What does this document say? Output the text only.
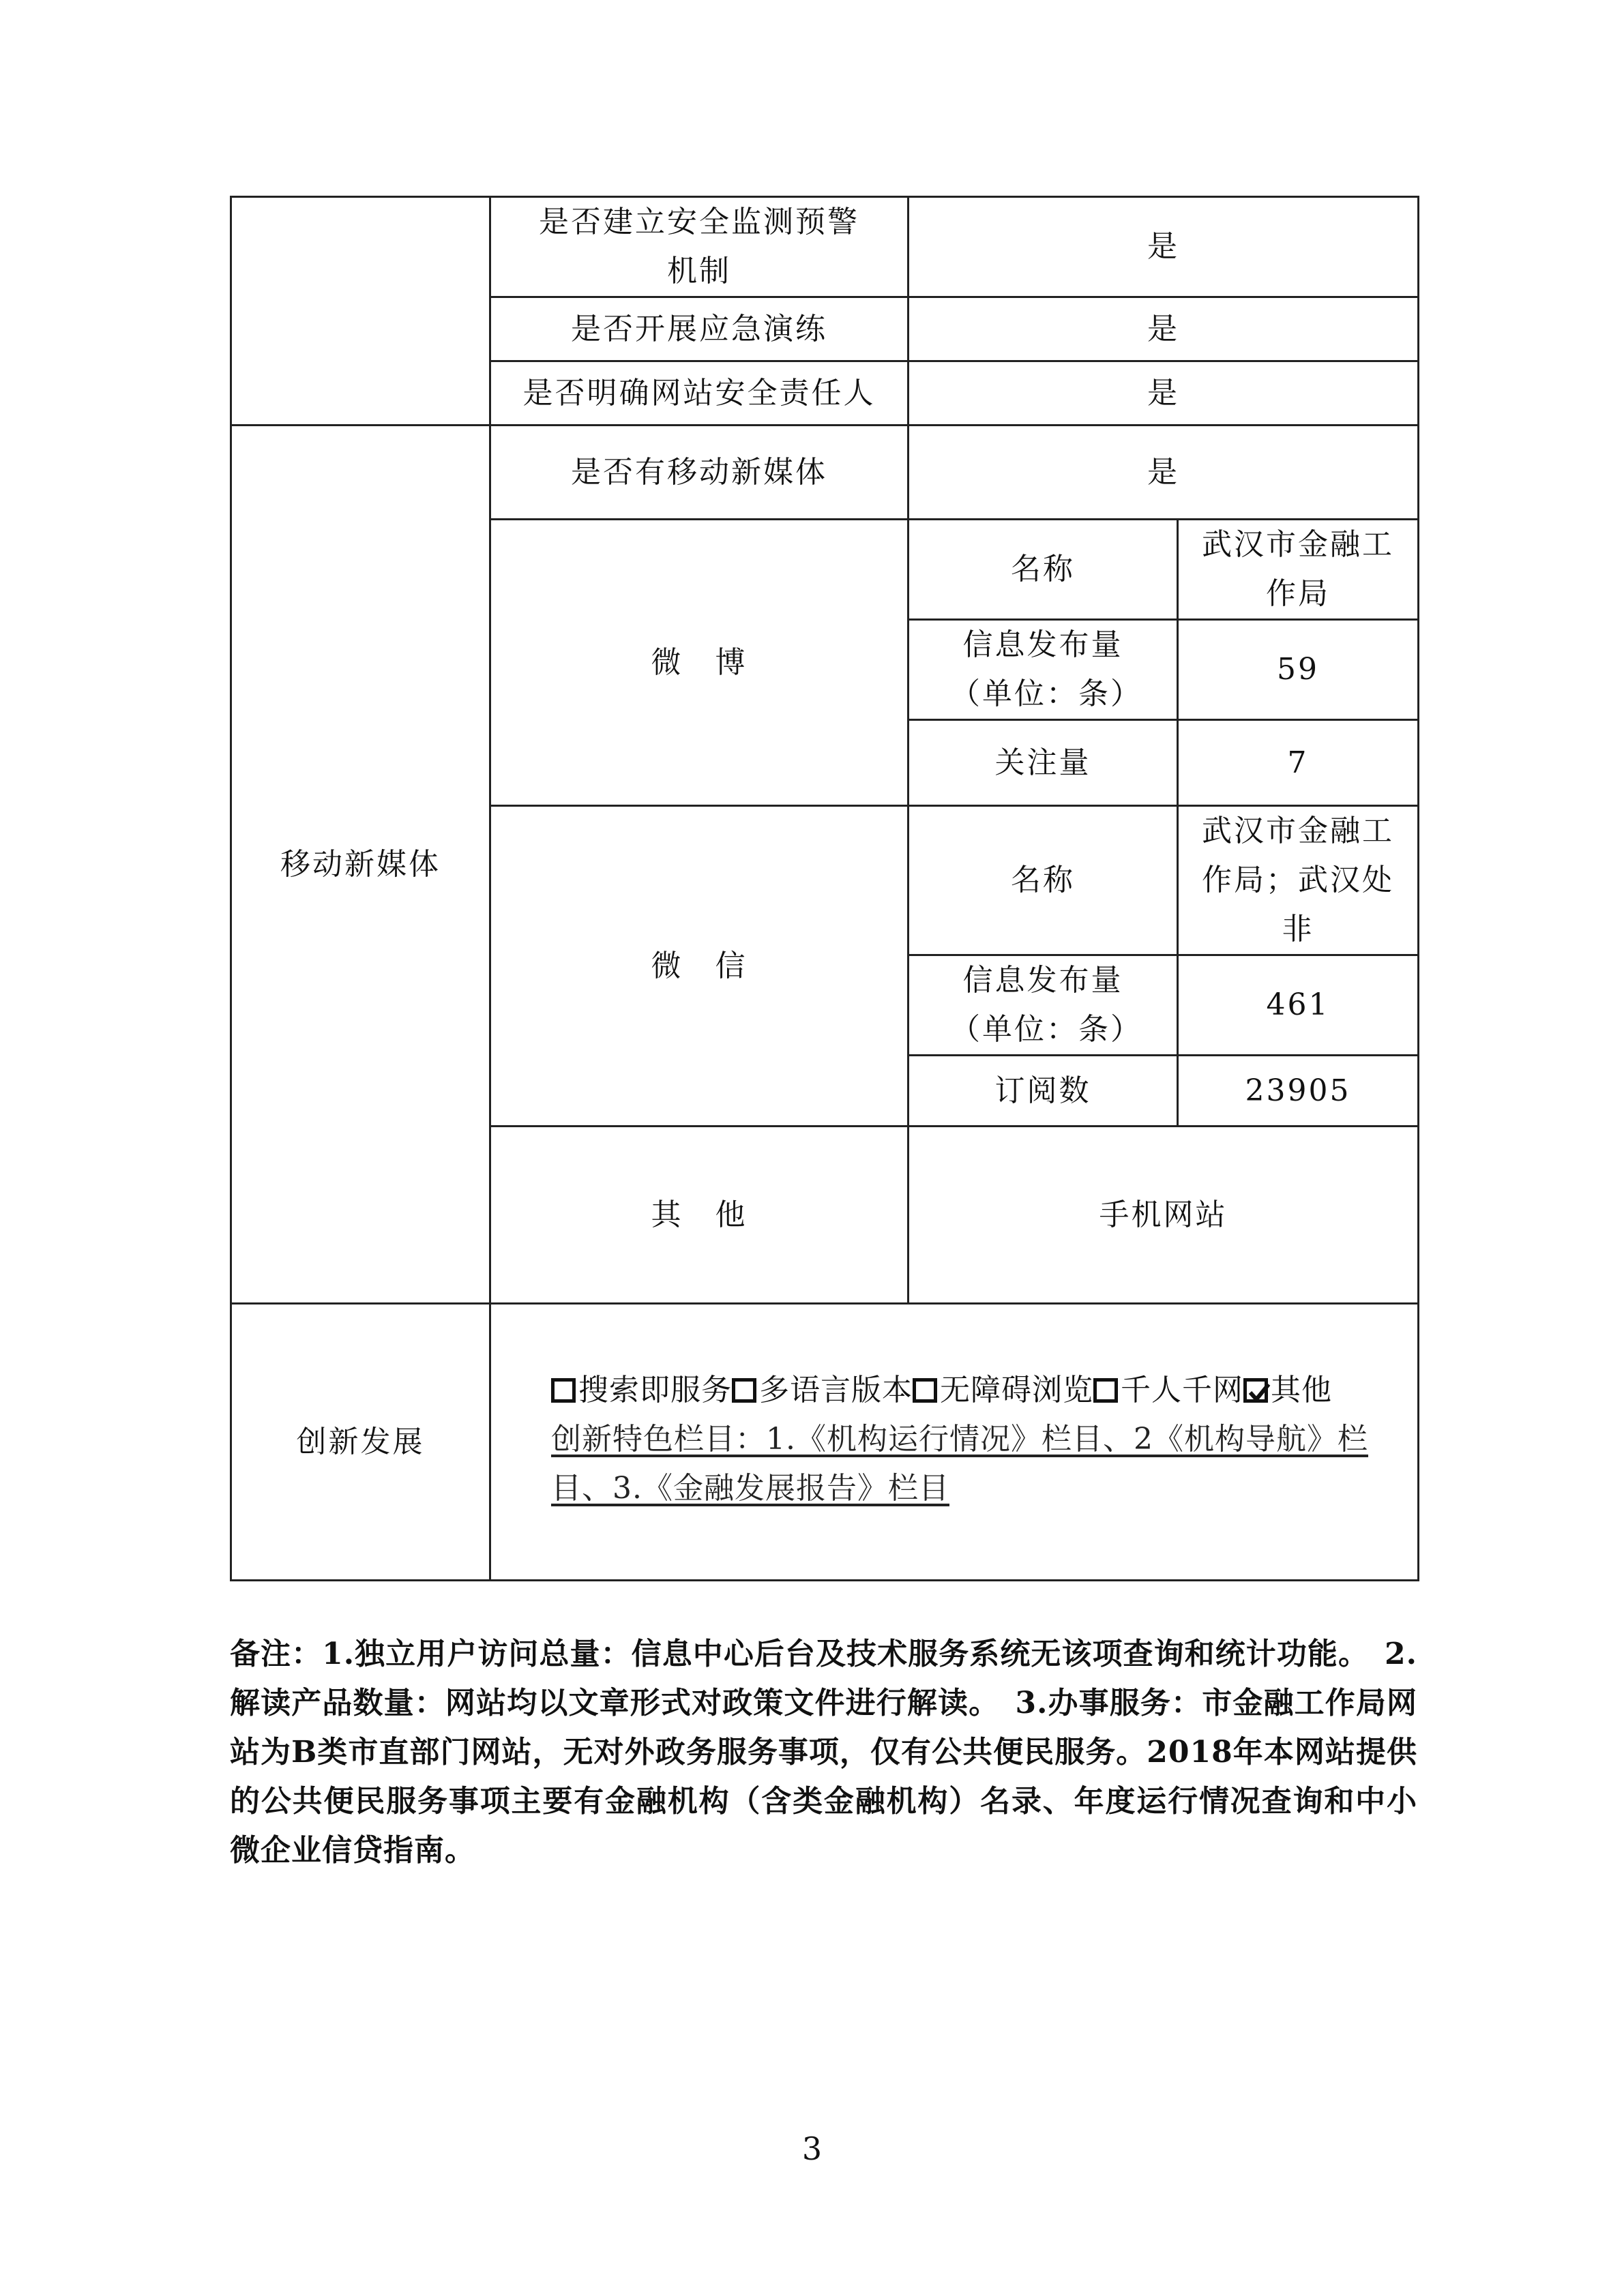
	是否建立安全监测预警机制	是	
	是否开展应急演练	是	
	是否明确网站安全责任人	是	
移动新媒体	是否有移动新媒体	是	
	微　博	名称	武汉市金融工作局
		信息发布量（单位：条）	59
		关注量	7
	微　信	名称	武汉市金融工作局；武汉处非
		信息发布量（单位：条）	461
		订阅数	23905
	其　他	手机网站	
创新发展	搜索即服务 多语言版本 无障碍浏览 千人千网 其他
创新特色栏目：1.《机构运行情况》栏目、2《机构导航》栏目、3.《金融发展报告》栏目		
备注：1.独立用户访问总量：信息中心后台及技术服务系统无该项查询和统计功能。　2.解读产品数量：网站均以文章形式对政策文件进行解读。　3.办事服务：市金融工作局网站为B类市直部门网站，无对外政务服务事项，仅有公共便民服务。2018年本网站提供的公共便民服务事项主要有金融机构（含类金融机构）名录、年度运行情况查询和中小微企业信贷指南。
3
